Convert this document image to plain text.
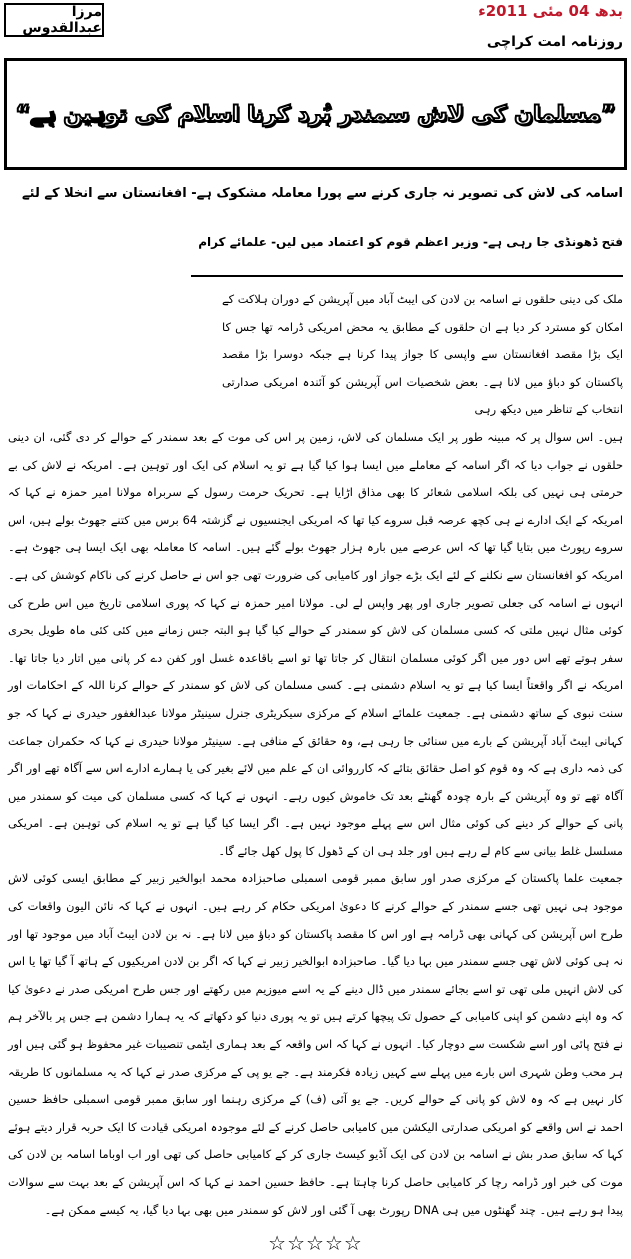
بدھ 04 مئی 2011ء
مرزا عبدالقدوس
روزنامہ امت کراچی
”مسلمان کی لاش سمندر بُرد کرنا اسلام کی توہین ہے“
اسامہ کی لاش کی تصویر نہ جاری کرنے سے پورا معاملہ مشکوک ہے- افغانستان سے انخلا کے لئے
فتح ڈھونڈی جا رہی ہے- وزیر اعظم قوم کو اعتماد میں لیں- علمائے کرام

ملک کی دینی حلقوں نے اسامہ بن لادن کی ایبٹ آباد میں آپریشن کے دوران ہلاکت کے امکان کو مسترد کر دیا ہے ان حلقوں کے مطابق یہ محض امریکی ڈرامہ تھا جس کا ایک بڑا مقصد افغانستان سے واپسی کا جواز پیدا کرنا ہے جبکہ دوسرا بڑا مقصد پاکستان کو دباؤ میں لانا ہے۔ بعض شخصیات اس آپریشن کو آئندہ امریکی صدارتی انتخاب کے تناظر میں دیکھ رہی

ہیں۔ اس سوال پر کہ مبینہ طور پر ایک مسلمان کی لاش، زمین پر اس کی موت کے بعد سمندر کے حوالے کر دی گئی، ان دینی حلقوں نے جواب دیا کہ اگر اسامہ کے معاملے میں ایسا ہوا کیا گیا ہے تو یہ اسلام کی ایک اور توہین ہے۔ امریکہ نے لاش کی بے حرمتی ہی نہیں کی بلکہ اسلامی شعائر کا بھی مذاق اڑایا ہے۔ تحریک حرمت رسول کے سربراہ مولانا امیر حمزہ نے کہا کہ امریکہ کے ایک ادارے نے ہی کچھ عرصہ قبل سروے کیا تھا کہ امریکی ایجنسیوں نے گزشتہ 64 برس میں کتنے جھوٹ بولے ہیں، اس سروے رپورٹ میں بتایا گیا تھا کہ اس عرصے میں بارہ ہزار جھوٹ بولے گئے ہیں۔ اسامہ کا معاملہ بھی ایک ایسا ہی جھوٹ ہے۔ امریکہ کو افغانستان سے نکلنے کے لئے ایک بڑے جواز اور کامیابی کی ضرورت تھی جو اس نے حاصل کرنے کی ناکام کوشش کی ہے۔ انہوں نے اسامہ کی جعلی تصویر جاری اور پھر واپس لے لی۔ مولانا امیر حمزہ نے کہا کہ پوری اسلامی تاریخ میں اس طرح کی کوئی مثال نہیں ملتی کہ کسی مسلمان کی لاش کو سمندر کے حوالے کیا گیا ہو البتہ جس زمانے میں کئی کئی ماہ طویل بحری سفر ہوتے تھے اس دور میں اگر کوئی مسلمان انتقال کر جاتا تھا تو اسے باقاعدہ غسل اور کفن دے کر پانی میں اتار دیا جاتا تھا۔ امریکہ نے اگر واقعتاً ایسا کیا ہے تو یہ اسلام دشمنی ہے۔ کسی مسلمان کی لاش کو سمندر کے حوالے کرنا اللہ کے احکامات اور سنت نبوی کے ساتھ دشمنی ہے۔ جمعیت علمائے اسلام کے مرکزی سیکریٹری جنرل سینیٹر مولانا عبدالغفور حیدری نے کہا کہ جو کہانی ایبٹ آباد آپریشن کے بارے میں سنائی جا رہی ہے، وہ حقائق کے منافی ہے۔ سینیٹر مولانا حیدری نے کہا کہ حکمران جماعت کی ذمہ داری ہے کہ وہ قوم کو اصل حقائق بتائے کہ کارروائی ان کے علم میں لائے بغیر کی یا ہمارے ادارے اس سے آگاہ تھے اور اگر آگاہ تھے تو وہ آپریشن کے بارہ چودہ گھنٹے بعد تک خاموش کیوں رہے۔ انہوں نے کہا کہ کسی مسلمان کی میت کو سمندر میں پانی کے حوالے کر دینے کی کوئی مثال اس سے پہلے موجود نہیں ہے۔ اگر ایسا کیا گیا ہے تو یہ اسلام کی توہین ہے۔ امریکی مسلسل غلط بیانی سے کام لے رہے ہیں اور جلد ہی ان کے ڈھول کا پول کھل جائے گا۔

جمعیت علما پاکستان کے مرکزی صدر اور سابق ممبر قومی اسمبلی صاحبزادہ محمد ابوالخیر زبیر کے مطابق ایسی کوئی لاش موجود ہی نہیں تھی جسے سمندر کے حوالے کرنے کا دعویٰ امریکی حکام کر رہے ہیں۔ انہوں نے کہا کہ نائن الیون واقعات کی طرح اس آپریشن کی کہانی بھی ڈرامہ ہے اور اس کا مقصد پاکستان کو دباؤ میں لانا ہے۔ نہ بن لادن ایبٹ آباد میں موجود تھا اور نہ ہی کوئی لاش تھی جسے سمندر میں بہا دیا گیا۔ صاحبزادہ ابوالخیر زبیر نے کہا کہ اگر بن لادن امریکیوں کے ہاتھ آ گیا تھا یا اس کی لاش انہیں ملی تھی تو اسے بجائے سمندر میں ڈال دینے کے یہ اسے میوزیم میں رکھتے اور جس طرح امریکی صدر نے دعویٰ کیا کہ وہ اپنے دشمن کو اپنی کامیابی کے حصول تک پیچھا کرتے ہیں تو یہ پوری دنیا کو دکھاتے کہ یہ ہمارا دشمن ہے جس پر بالآخر ہم نے فتح پائی اور اسے شکست سے دوچار کیا۔ انہوں نے کہا کہ اس واقعہ کے بعد ہماری ایٹمی تنصیبات غیر محفوظ ہو گئی ہیں اور ہر محب وطن شہری اس بارے میں پہلے سے کہیں زیادہ فکرمند ہے۔ جے یو پی کے مرکزی صدر نے کہا کہ یہ مسلمانوں کا طریقہ کار نہیں ہے کہ وہ لاش کو پانی کے حوالے کریں۔ جے یو آئی (ف) کے مرکزی رہنما اور سابق ممبر قومی اسمبلی حافظ حسین احمد نے اس واقعے کو امریکی صدارتی الیکشن میں کامیابی حاصل کرنے کے لئے موجودہ امریکی قیادت کا ایک حربہ قرار دیتے ہوئے کہا کہ سابق صدر بش نے اسامہ بن لادن کی ایک آڈیو کیسٹ جاری کر کے کامیابی حاصل کی تھی اور اب اوباما اسامہ بن لادن کی موت کی خبر اور ڈرامہ رچا کر کامیابی حاصل کرنا چاہتا ہے۔ حافظ حسین احمد نے کہا کہ اس آپریشن کے بعد بہت سے سوالات پیدا ہو رہے ہیں۔ چند گھنٹوں میں ہی DNA رپورٹ بھی آ گئی اور لاش کو سمندر میں بھی بہا دیا گیا، یہ کیسے ممکن ہے۔

☆☆☆☆☆
